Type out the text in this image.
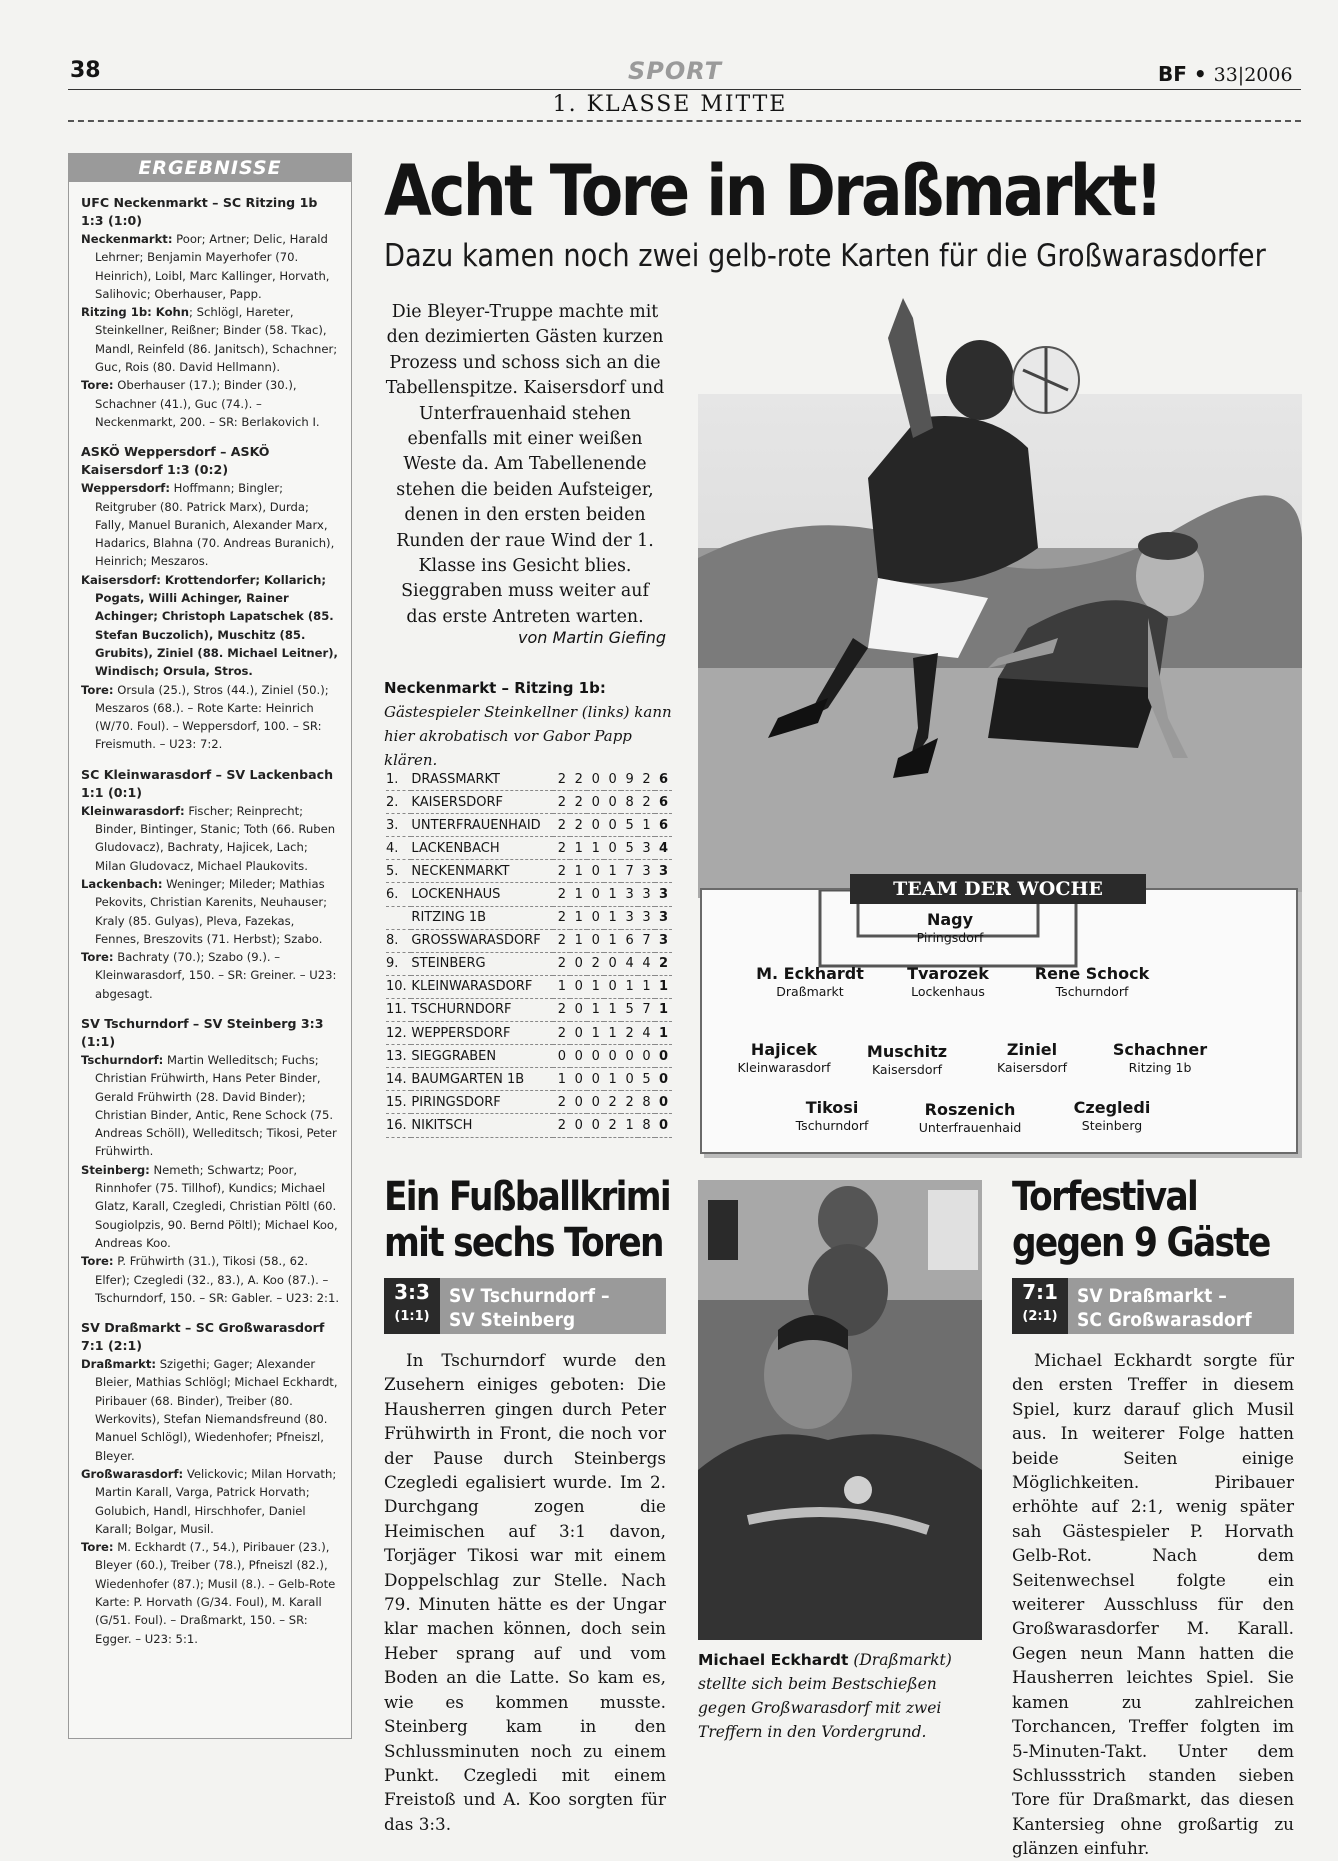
38	SPORT	BF • 33|2006
1. KLASSE MITTE
ERGEBNISSE
UFC Neckenmarkt – SC Ritzing 1b 1:3 (1:0)
Neckenmarkt: Poor; Artner; Delic, Harald Lehrner; Benjamin Mayerhofer (70. Heinrich), Loibl, Marc Kallinger, Horvath, Salihovic; Oberhauser, Papp.
Ritzing 1b: Kohn; Schlögl, Hareter, Steinkellner, Reißner; Binder (58. Tkac), Mandl, Reinfeld (86. Janitsch), Schachner; Guc, Rois (80. David Hellmann).
Tore: Oberhauser (17.); Binder (30.), Schachner (41.), Guc (74.). – Neckenmarkt, 200. – SR: Berlakovich I.
ASKÖ Weppersdorf – ASKÖ Kaisersdorf 1:3 (0:2)
Weppersdorf: Hoffmann; Bingler; Reitgruber (80. Patrick Marx), Durda; Fally, Manuel Buranich, Alexander Marx, Hadarics, Blahna (70. Andreas Buranich), Heinrich; Meszaros.
Kaisersdorf: Krottendorfer; Kollarich; Pogats, Willi Achinger, Rainer Achinger; Christoph Lapatschek (85. Stefan Buczolich), Muschitz (85. Grubits), Ziniel (88. Michael Leitner), Windisch; Orsula, Stros.
Tore: Orsula (25.), Stros (44.), Ziniel (50.); Meszaros (68.). – Rote Karte: Heinrich (W/70. Foul). – Weppersdorf, 100. – SR: Freismuth. – U23: 7:2.
SC Kleinwarasdorf – SV Lackenbach 1:1 (0:1)
Kleinwarasdorf: Fischer; Reinprecht; Binder, Bintinger, Stanic; Toth (66. Ruben Gludovacz), Bachraty, Hajicek, Lach; Milan Gludovacz, Michael Plaukovits.
Lackenbach: Weninger; Mileder; Mathias Pekovits, Christian Karenits, Neuhauser; Kraly (85. Gulyas), Pleva, Fazekas, Fennes, Breszovits (71. Herbst); Szabo.
Tore: Bachraty (70.); Szabo (9.). – Kleinwarasdorf, 150. – SR: Greiner. – U23: abgesagt.
SV Tschurndorf – SV Steinberg 3:3 (1:1)
Tschurndorf: Martin Welleditsch; Fuchs; Christian Frühwirth, Hans Peter Binder, Gerald Frühwirth (28. David Binder); Christian Binder, Antic, Rene Schock (75. Andreas Schöll), Welleditsch; Tikosi, Peter Frühwirth.
Steinberg: Nemeth; Schwartz; Poor, Rinnhofer (75. Tillhof), Kundics; Michael Glatz, Karall, Czegledi, Christian Pöltl (60. Sougiolpzis, 90. Bernd Pöltl); Michael Koo, Andreas Koo.
Tore: P. Frühwirth (31.), Tikosi (58., 62. Elfer); Czegledi (32., 83.), A. Koo (87.). – Tschurndorf, 150. – SR: Gabler. – U23: 2:1.
SV Draßmarkt – SC Großwarasdorf 7:1 (2:1)
Draßmarkt: Szigethi; Gager; Alexander Bleier, Mathias Schlögl; Michael Eckhardt, Piribauer (68. Binder), Treiber (80. Werkovits), Stefan Niemandsfreund (80. Manuel Schlögl), Wiedenhofer; Pfneiszl, Bleyer.
Großwarasdorf: Velickovic; Milan Horvath; Martin Karall, Varga, Patrick Horvath; Golubich, Handl, Hirschhofer, Daniel Karall; Bolgar, Musil.
Tore: M. Eckhardt (7., 54.), Piribauer (23.), Bleyer (60.), Treiber (78.), Pfneiszl (82.), Wiedenhofer (87.); Musil (8.). – Gelb-Rote Karte: P. Horvath (G/34. Foul), M. Karall (G/51. Foul). – Draßmarkt, 150. – SR: Egger. – U23: 5:1.
Acht Tore in Draßmarkt!
Dazu kamen noch zwei gelb-rote Karten für die Großwarasdorfer
Die Bleyer-Truppe machte mit den dezimierten Gästen kurzen Prozess und schoss sich an die Tabellenspitze. Kaisersdorf und Unterfrauenhaid stehen ebenfalls mit einer weißen Weste da. Am Tabellenende stehen die beiden Aufsteiger, denen in den ersten beiden Runden der raue Wind der 1. Klasse ins Gesicht blies. Sieggraben muss weiter auf das erste Antreten warten.
von Martin Giefing
Neckenmarkt – Ritzing 1b: Gästespieler Steinkellner (links) kann hier akrobatisch vor Gabor Papp klären.
1.	DRASSMARKT	2	2	0	0	9	2	6
2.	KAISERSDORF	2	2	0	0	8	2	6
3.	UNTERFRAUENHAID	2	2	0	0	5	1	6
4.	LACKENBACH	2	1	1	0	5	3	4
5.	NECKENMARKT	2	1	0	1	7	3	3
6.	LOCKENHAUS	2	1	0	1	3	3	3
	RITZING 1B	2	1	0	1	3	3	3
8.	GROSSWARASDORF	2	1	0	1	6	7	3
9.	STEINBERG	2	0	2	0	4	4	2
10.	KLEINWARASDORF	1	0	1	0	1	1	1
11.	TSCHURNDORF	2	0	1	1	5	7	1
12.	WEPPERSDORF	2	0	1	1	2	4	1
13.	SIEGGRABEN	0	0	0	0	0	0	0
14.	BAUMGARTEN 1B	1	0	0	1	0	5	0
15.	PIRINGSDORF	2	0	0	2	2	8	0
16.	NIKITSCH	2	0	0	2	1	8	0
Nagy
Piringsdorf
M. Eckhardt
Draßmarkt
Tvarozek
Lockenhaus
Rene Schock
Tschurndorf
Hajicek
Kleinwarasdorf
Muschitz
Kaisersdorf
Ziniel
Kaisersdorf
Schachner
Ritzing 1b
Tikosi
Tschurndorf
Roszenich
Unterfrauenhaid
Czegledi
Steinberg
TEAM DER WOCHE
Ein Fußballkrimi
mit sechs Toren
3:3
(1:1)
SV Tschurndorf –
SV Steinberg
In Tschurndorf wurde den Zusehern einiges geboten: Die Hausherren gingen durch Peter Frühwirth in Front, die noch vor der Pause durch Steinbergs Czegledi egalisiert wurde. Im 2. Durchgang zogen die Heimischen auf 3:1 davon, Torjäger Tikosi war mit einem Doppelschlag zur Stelle. Nach 79. Minuten hätte es der Ungar klar machen können, doch sein Heber sprang auf und vom Boden an die Latte. So kam es, wie es kommen musste. Steinberg kam in den Schlussminuten noch zu einem Punkt. Czegledi mit einem Freistoß und A. Koo sorgten für das 3:3.
Michael Eckhardt (Draßmarkt) stellte sich beim Bestschießen gegen Großwarasdorf mit zwei Treffern in den Vordergrund.
Torfestival
gegen 9 Gäste
7:1
(2:1)
SV Draßmarkt –
SC Großwarasdorf
Michael Eckhardt sorgte für den ersten Treffer in diesem Spiel, kurz darauf glich Musil aus. In weiterer Folge hatten beide Seiten einige Möglichkeiten. Piribauer erhöhte auf 2:1, wenig später sah Gästespieler P. Horvath Gelb-Rot. Nach dem Seitenwechsel folgte ein weiterer Ausschluss für den Großwarasdorfer M. Karall. Gegen neun Mann hatten die Hausherren leichtes Spiel. Sie kamen zu zahlreichen Torchancen, Treffer folgten im 5-Minuten-Takt. Unter dem Schlussstrich standen sieben Tore für Draßmarkt, das diesen Kantersieg ohne großartig zu glänzen einfuhr.
